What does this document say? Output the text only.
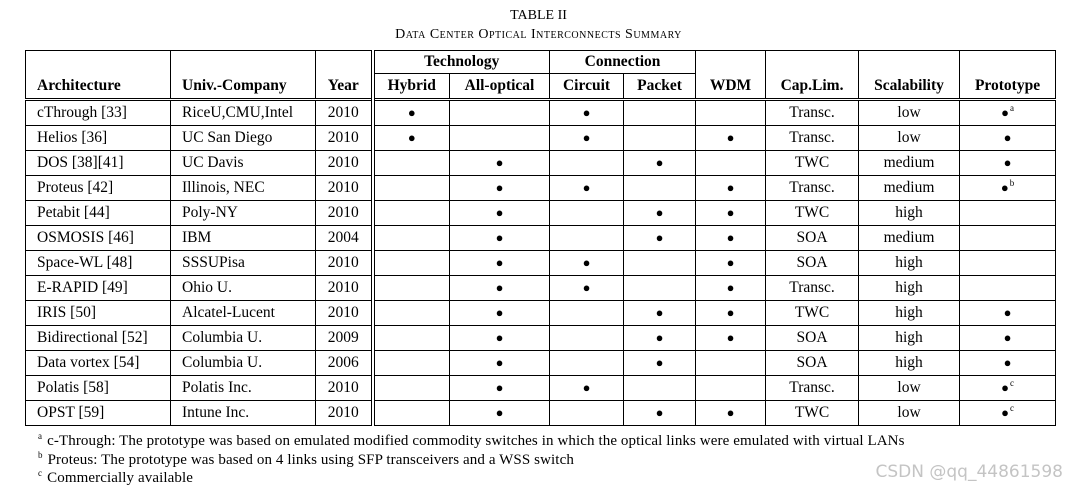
TABLE II
Data Center Optical Interconnects Summary
Architecture	Univ.-Company	Year	Technology		Connection		WDM	Cap.Lim.	Scalability	Prototype
			Hybrid	All-optical	Circuit	Packet				
cThrough [33]	RiceU,CMU,Intel	2010	●		●			Transc.	low	●$^a$
Helios [36]	UC San Diego	2010	●		●		●	Transc.	low	●
DOS [38][41]	UC Davis	2010		●		●		TWC	medium	●
Proteus [42]	Illinois, NEC	2010		●	●		●	Transc.	medium	●$^b$
Petabit [44]	Poly-NY	2010		●		●	●	TWC	high	
OSMOSIS [46]	IBM	2004		●		●	●	SOA	medium	
Space-WL [48]	SSSUPisa	2010		●	●		●	SOA	high	
E-RAPID [49]	Ohio U.	2010		●	●		●	Transc.	high	
IRIS [50]	Alcatel-Lucent	2010		●		●	●	TWC	high	●
Bidirectional [52]	Columbia U.	2009		●		●	●	SOA	high	●
Data vortex [54]	Columbia U.	2006		●		●		SOA	high	●
Polatis [58]	Polatis Inc.	2010		●	●			Transc.	low	●$^c$
OPST [59]	Intune Inc.	2010		●		●	●	TWC	low	●$^c$
$^a$ c-Through: The prototype was based on emulated modified commodity switches in which the optical links were emulated with virtual LANs
$^b$ Proteus: The prototype was based on 4 links using SFP transceivers and a WSS switch
$^c$ Commercially available	CSDN @qq_44861598
